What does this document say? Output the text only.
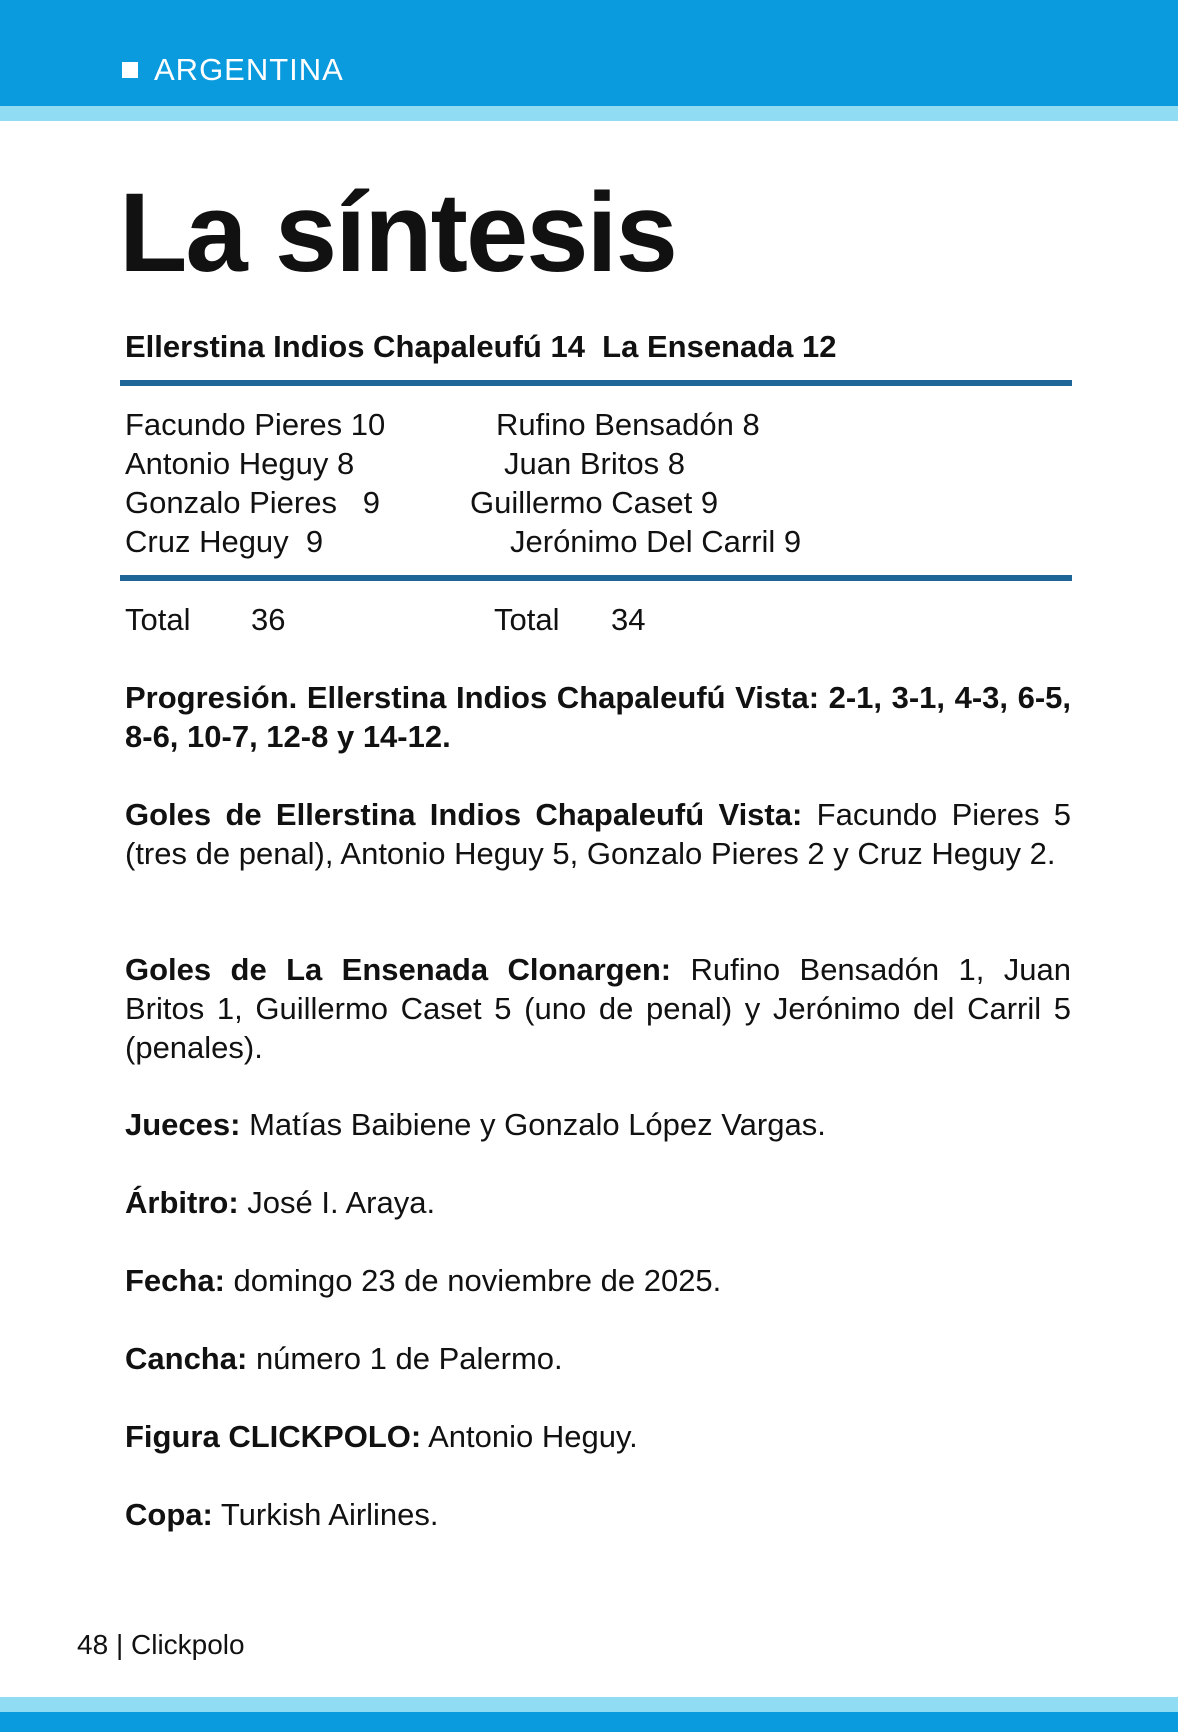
ARGENTINA
La síntesis
Ellerstina Indios Chapaleufú 14  La Ensenada 12
Facundo Pieres 10
Antonio Heguy 8
Gonzalo Pieres   9
Cruz Heguy  9
Rufino Bensadón 8
Juan Britos 8
Guillermo Caset 9
Jerónimo Del Carril 9
Total 36	Total 34
Progresión. Ellerstina Indios Chapaleufú Vista: 2-1, 3-1, 4-3, 6-5, 8-6, 10-7, 12-8 y 14-12.
Goles de Ellerstina Indios Chapaleufú Vista: Facundo Pieres 5 (tres de penal), Antonio Heguy 5, Gonzalo Pieres 2 y Cruz Heguy 2.
Goles de La Ensenada Clonargen: Rufino Bensadón 1, Juan Britos 1, Guillermo Caset 5 (uno de penal) y Jerónimo del Carril 5 (penales).
Jueces: Matías Baibiene y Gonzalo López Vargas.
Árbitro: José I. Araya.
Fecha: domingo 23 de noviembre de 2025.
Cancha: número 1 de Palermo.
Figura CLICKPOLO: Antonio Heguy.
Copa: Turkish Airlines.
48 | Clickpolo
